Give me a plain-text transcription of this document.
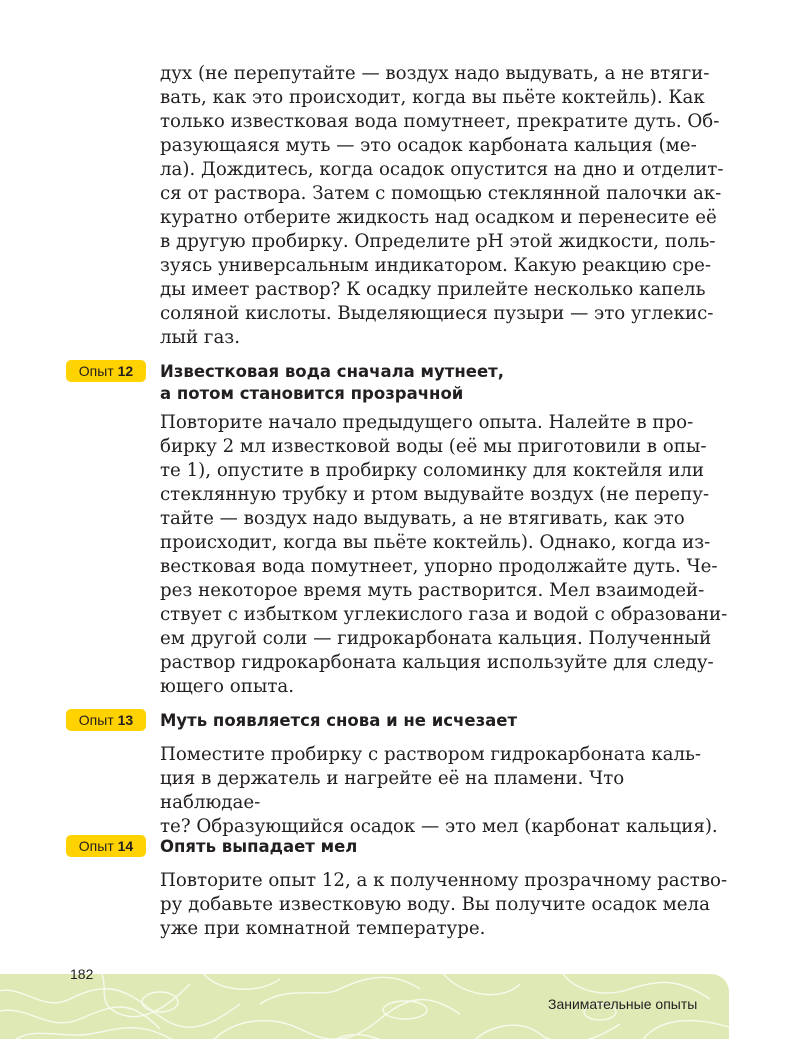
дух (не перепутайте — воздух надо выдувать, а не втяги-
вать, как это происходит, когда вы пьёте коктейль). Как
только известковая вода помутнеет, прекратите дуть. Об-
разующаяся муть — это осадок карбоната кальция (ме-
ла). Дождитесь, когда осадок опустится на дно и отделит-
ся от раствора. Затем с помощью стеклянной палочки ак-
куратно отберите жидкость над осадком и перенесите её
в другую пробирку. Определите pH этой жидкости, поль-
зуясь универсальным индикатором. Какую реакцию сре-
ды имеет раствор? К осадку прилейте несколько капель
соляной кислоты. Выделяющиеся пузыри — это углекис-
лый газ.

Опыт 12	Известковая вода сначала мутнеет,
а потом становится прозрачной

Повторите начало предыдущего опыта. Налейте в про-
бирку 2 мл известковой воды (её мы приготовили в опы-
те 1), опустите в пробирку соломинку для коктейля или
стеклянную трубку и ртом выдувайте воздух (не перепу-
тайте — воздух надо выдувать, а не втягивать, как это
происходит, когда вы пьёте коктейль). Однако, когда из-
вестковая вода помутнеет, упорно продолжайте дуть. Че-
рез некоторое время муть растворится. Мел взаимодей-
ствует с избытком углекислого газа и водой с образовани-
ем другой соли — гидрокарбоната кальция. Полученный
раствор гидрокарбоната кальция используйте для следу-
ющего опыта.

Опыт 13	Муть появляется снова и не исчезает

Поместите пробирку с раствором гидрокарбоната каль-
ция в держатель и нагрейте её на пламени. Что наблюдае-
те? Образующийся осадок — это мел (карбонат кальция).

Опыт 14	Опять выпадает мел

Повторите опыт 12, а к полученному прозрачному раство-
ру добавьте известковую воду. Вы получите осадок мела
уже при комнатной температуре.

182
Занимательные опыты
